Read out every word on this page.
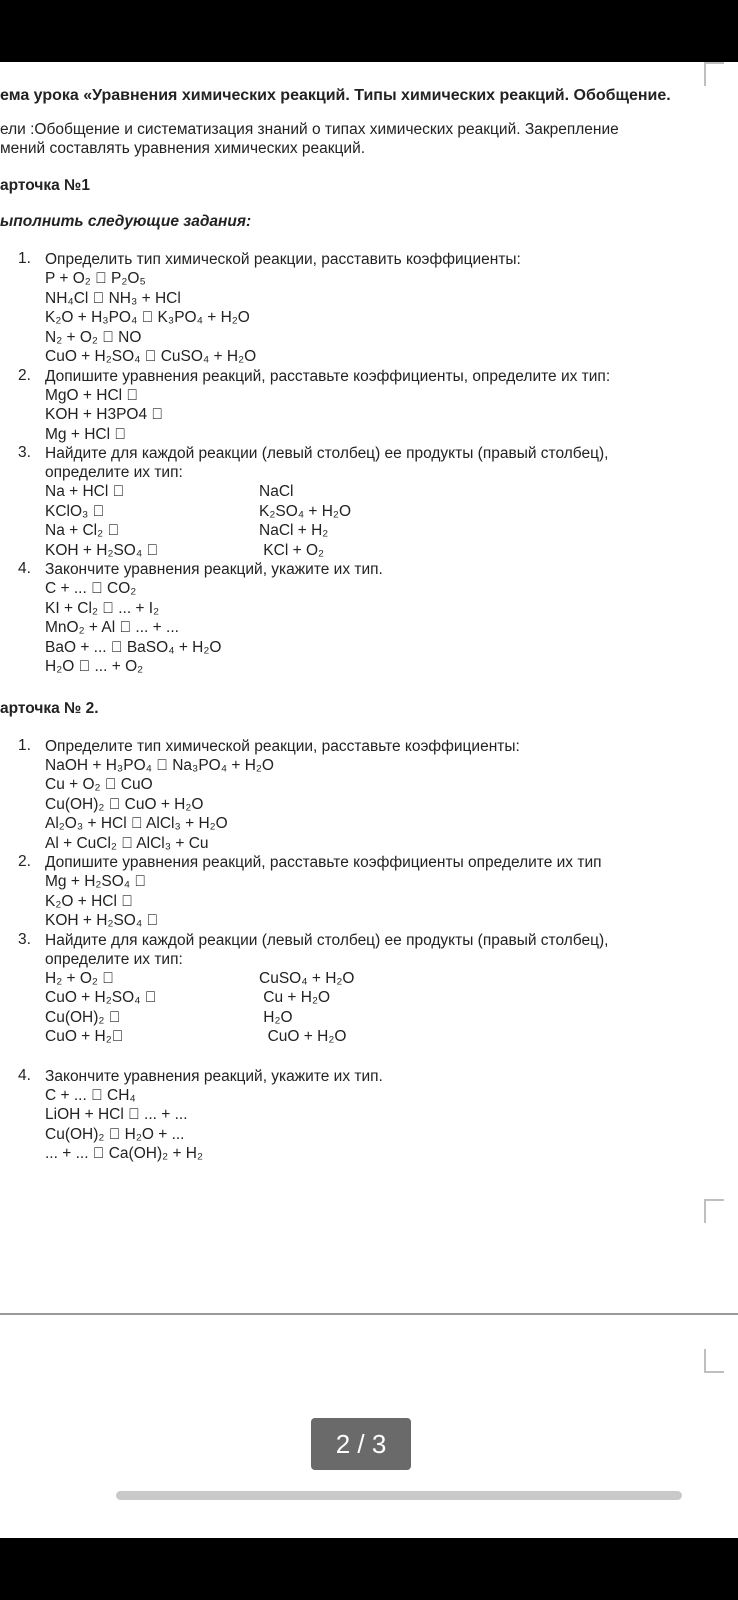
ема урока «Уравнения химических реакций. Типы химических реакций. Обобщение.
ели :Обобщение и систематизация знаний о типах химических реакций. Закрепление
мений составлять уравнения химических реакций.
арточка №1
ыполнить следующие задания:
1. Определить тип химической реакции, расставить коэффициенты:
P + O₂ ⃞ P₂O₅
NH₄Cl ⃞ NH₃ + HCl
K₂O + H₃PO₄ ⃞ K₃PO₄ + H₂O
N₂ + O₂ ⃞ NO
CuO + H₂SO₄ ⃞ CuSO₄ + H₂O
2. Допишите уравнения реакций, расставьте коэффициенты, определите их тип:
MgO + HCl ⃞
KOH + H3PO4 ⃞
Mg + HCl ⃞
3. Найдите для каждой реакции (левый столбец) ее продукты (правый столбец),
определите их тип:
Na + HCl ⃞
KClO₃ ⃞
Na + Cl₂ ⃞
KOH + H₂SO₄ ⃞
NaCl
K₂SO₄ + H₂O
NaCl + H₂
KCl + O₂
4. Закончите уравнения реакций, укажите их тип.
C + ... ⃞ CO₂
KI + Cl₂ ⃞ ... + I₂
MnO₂ + Al ⃞ ... + ...
BaO + ... ⃞ BaSO₄ + H₂O
H₂O ⃞ ... + O₂
арточка № 2.
1. Определите тип химической реакции, расставьте коэффициенты:
NaOH + H₃PO₄ ⃞ Na₃PO₄ + H₂O
Cu + O₂ ⃞ CuO
Cu(OH)₂ ⃞ CuO + H₂O
Al₂O₃ + HCl ⃞ AlCl₃ + H₂O
Al + CuCl₂ ⃞ AlCl₃ + Cu
2. Допишите уравнения реакций, расставьте коэффициенты определите их тип
Mg + H₂SO₄ ⃞
K₂O + HCl ⃞
KOH + H₂SO₄ ⃞
3. Найдите для каждой реакции (левый столбец) ее продукты (правый столбец),
определите их тип:
H₂ + O₂ ⃞
CuO + H₂SO₄ ⃞
Cu(OH)₂ ⃞
CuO + H₂⃞
CuSO₄ + H₂O
Cu + H₂O
H₂O
CuO + H₂O
4. Закончите уравнения реакций, укажите их тип.
C + ... ⃞ CH₄
LiOH + HCl ⃞ ... + ...
Cu(OH)₂ ⃞ H₂O + ...
... + ... ⃞ Ca(OH)₂ + H₂
2 / 3
